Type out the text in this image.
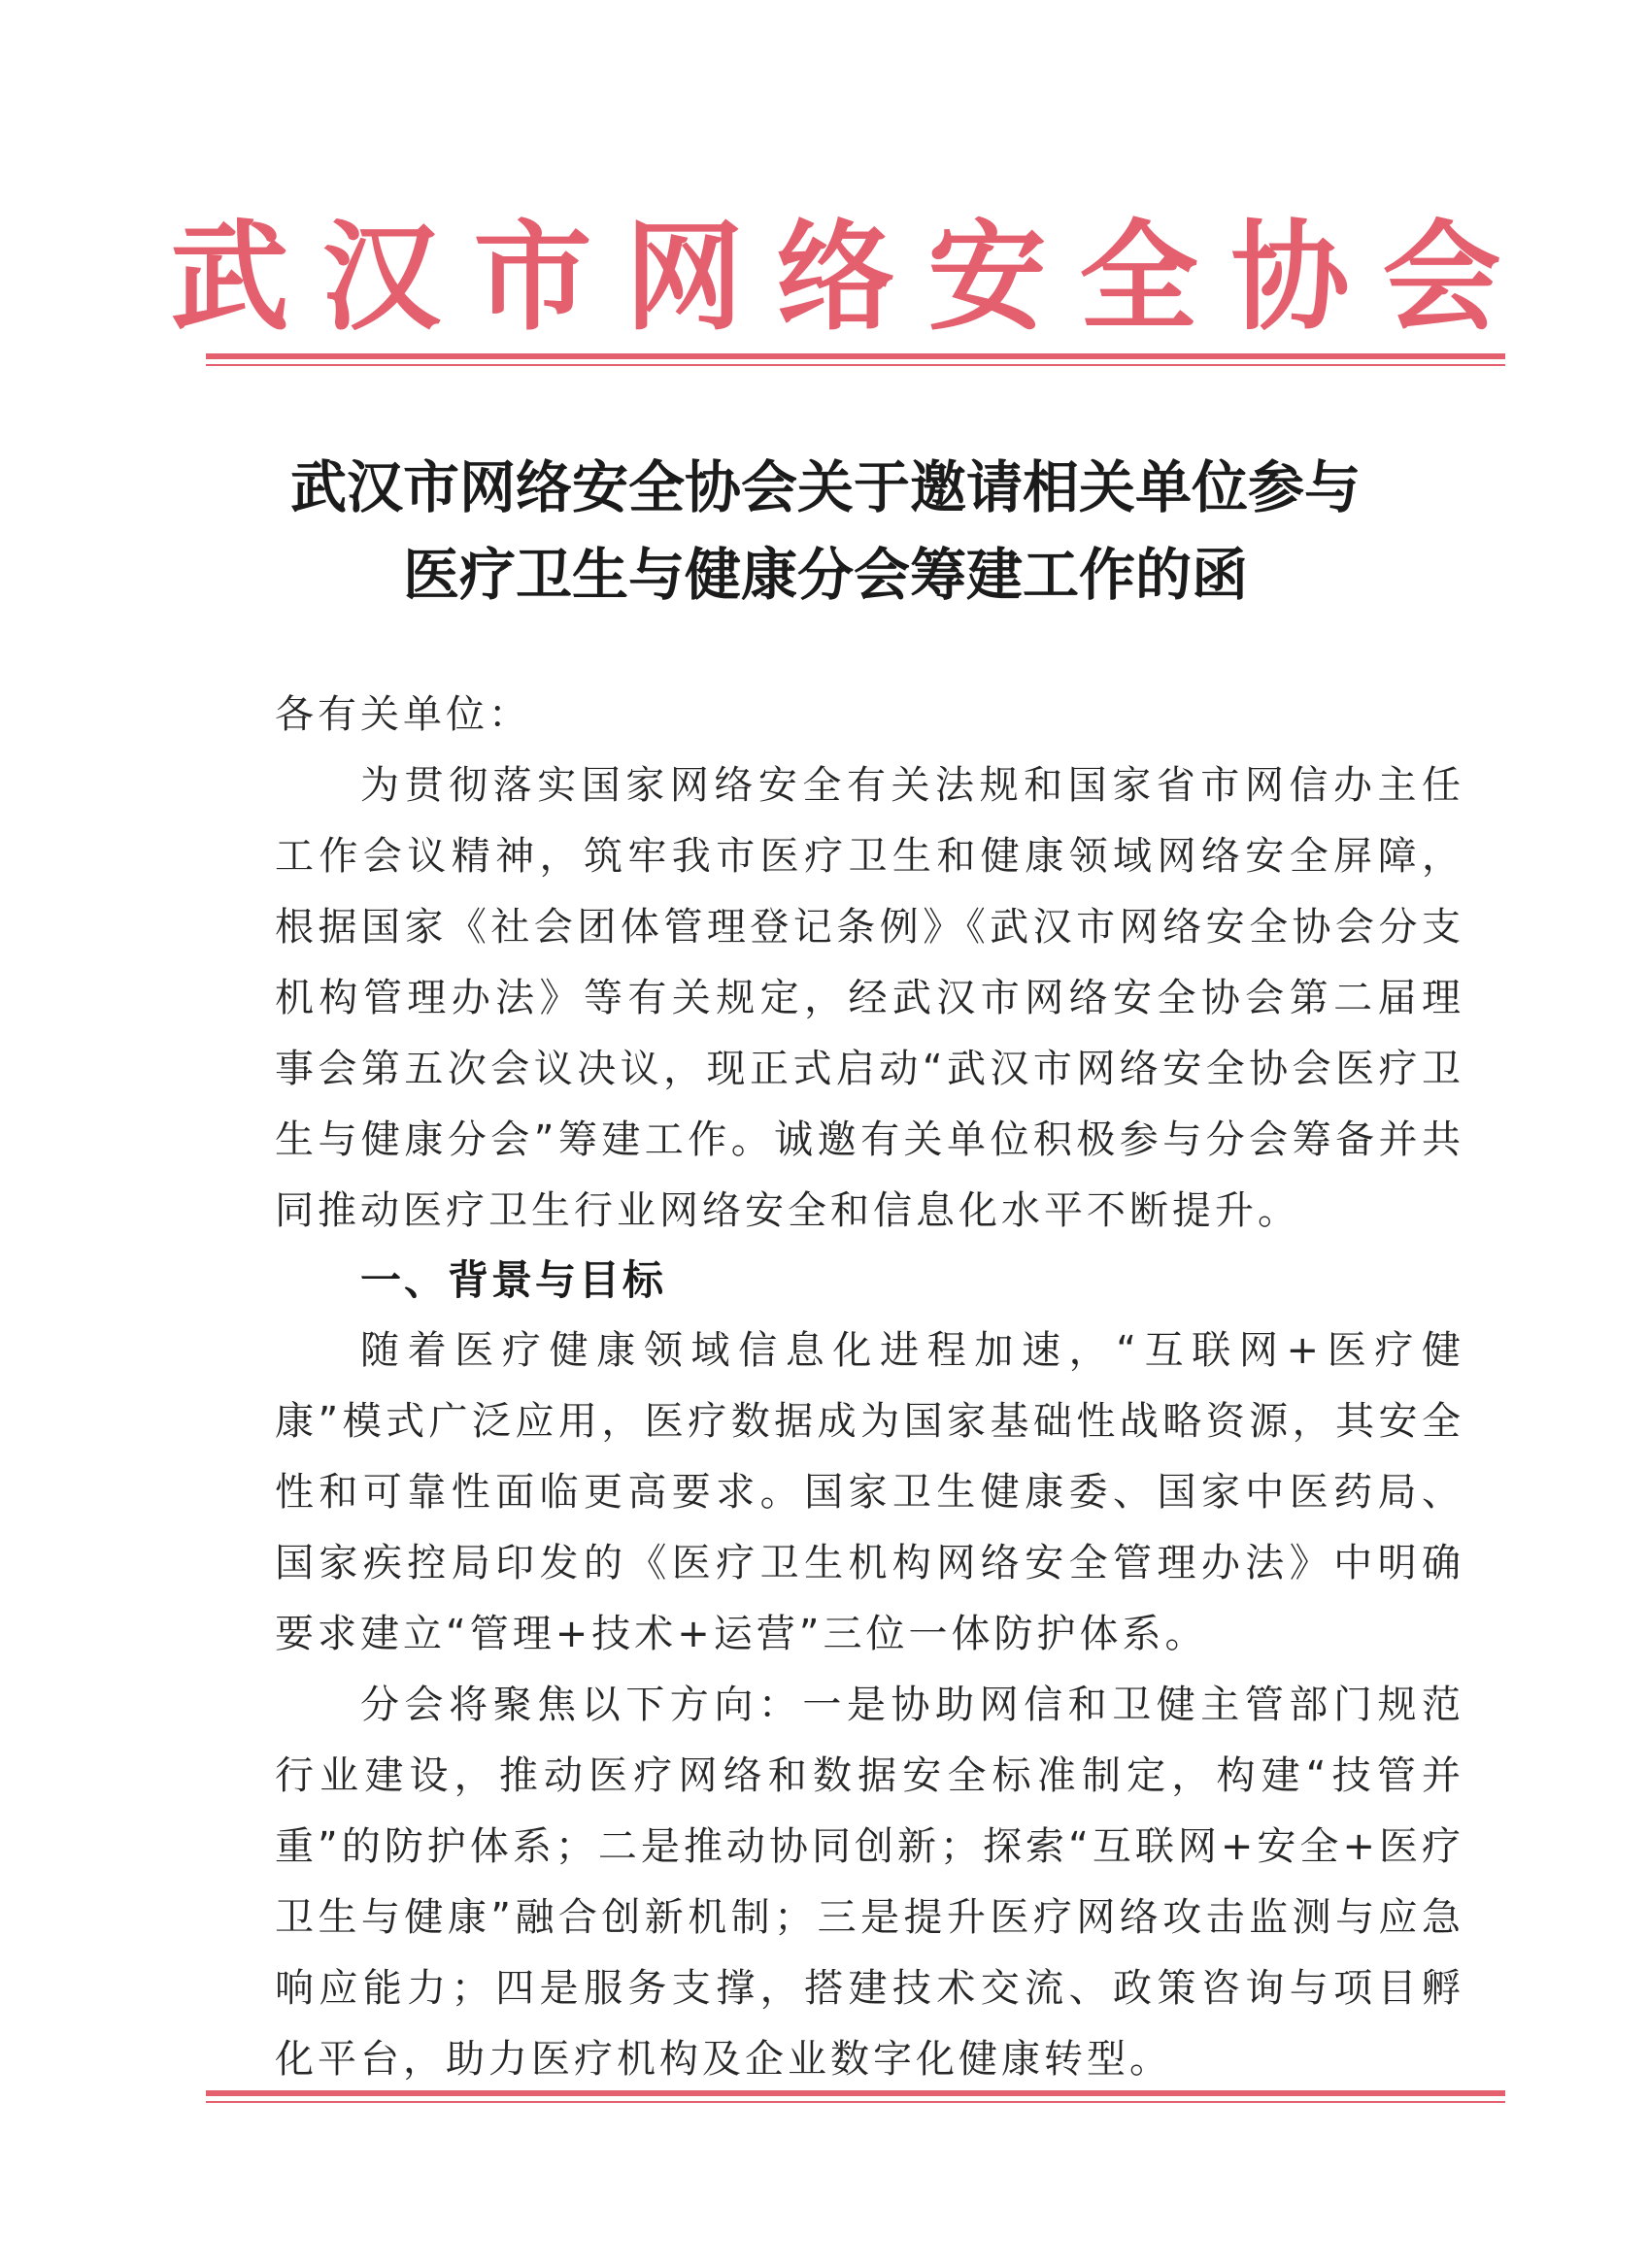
武汉市网络安全协会
武汉市网络安全协会关于邀请相关单位参与
医疗卫生与健康分会筹建工作的函
各有关单位：
为贯彻落实国家网络安全有关法规和国家省市网信办主任工作会议精神，筑牢我市医疗卫生和健康领域网络安全屏障，根据国家《社会团体管理登记条例》《武汉市网络安全协会分支机构管理办法》等有关规定，经武汉市网络安全协会第二届理事会第五次会议决议，现正式启动“武汉市网络安全协会医疗卫生与健康分会”筹建工作。诚邀有关单位积极参与分会筹备并共同推动医疗卫生行业网络安全和信息化水平不断提升。
一、背景与目标
随着医疗健康领域信息化进程加速，“互联网+医疗健康”模式广泛应用，医疗数据成为国家基础性战略资源，其安全性和可靠性面临更高要求。国家卫生健康委、国家中医药局、国家疾控局印发的《医疗卫生机构网络安全管理办法》中明确要求建立“管理+技术+运营”三位一体防护体系。
分会将聚焦以下方向：一是协助网信和卫健主管部门规范行业建设，推动医疗网络和数据安全标准制定，构建“技管并重”的防护体系；二是推动协同创新；探索“互联网+安全+医疗卫生与健康”融合创新机制；三是提升医疗网络攻击监测与应急响应能力；四是服务支撑，搭建技术交流、政策咨询与项目孵化平台，助力医疗机构及企业数字化健康转型。
